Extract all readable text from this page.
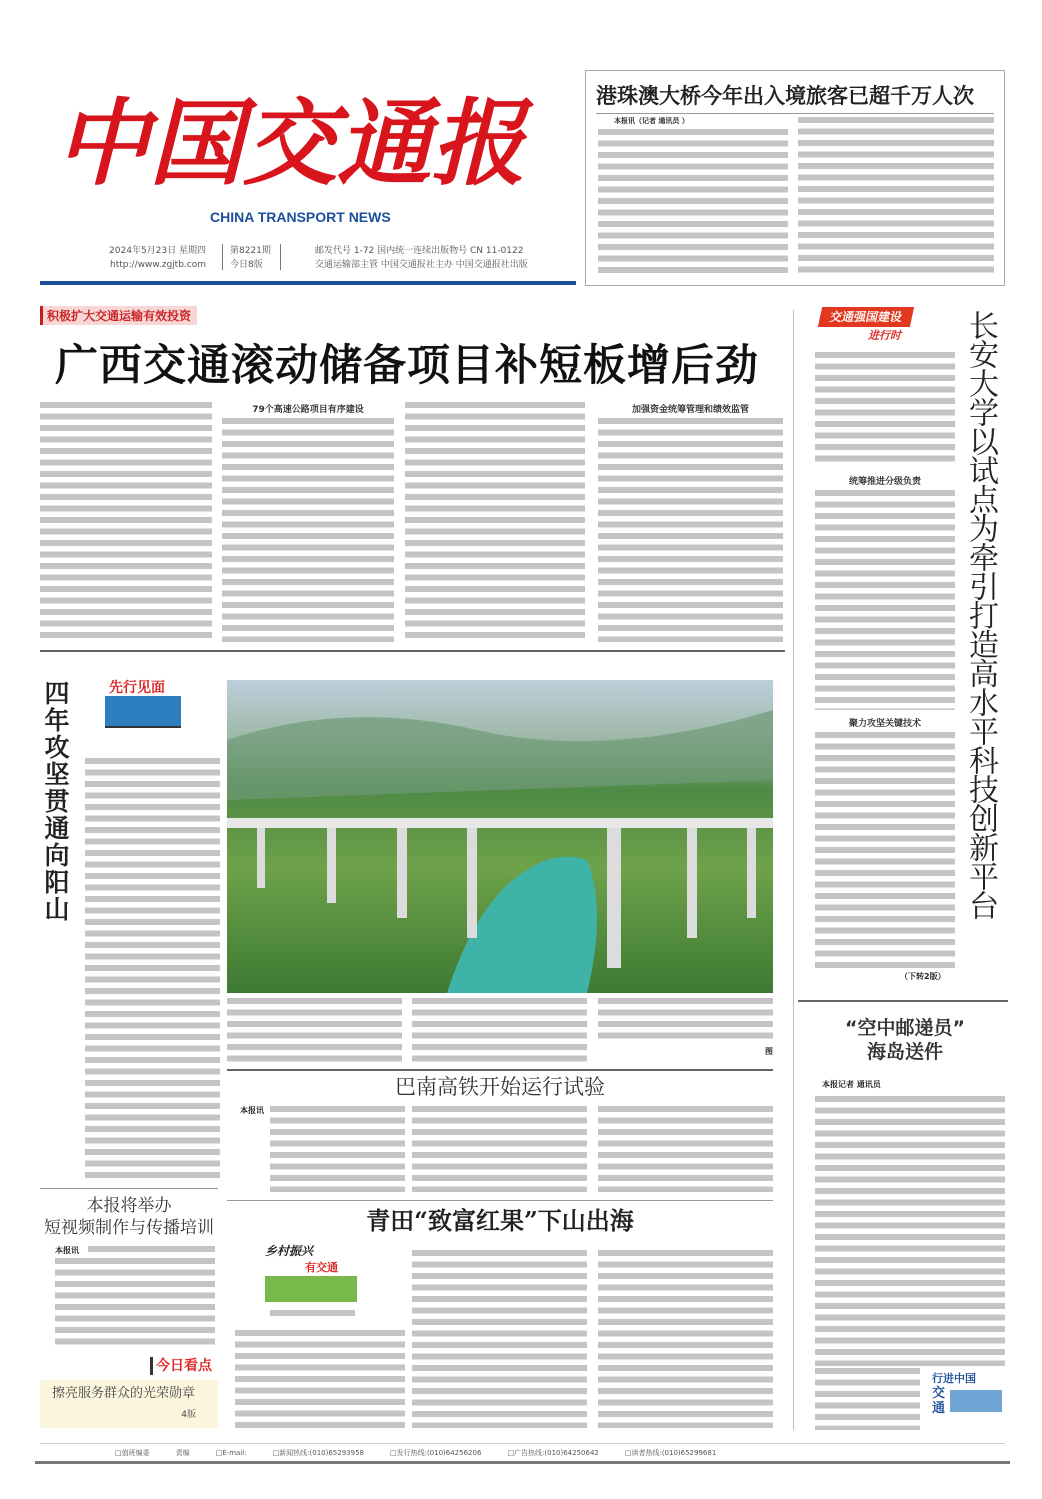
中国交通报
CHINA TRANSPORT NEWS
2024年5月23日 星期四
http://www.zgjtb.com
第8221期
今日8版
邮发代号 1-72 国内统一连续出版物号 CN 11-0122
交通运输部主管 中国交通报社主办 中国交通报社出版
港珠澳大桥今年出入境旅客已超千万人次
本报讯（记者 通讯员 ）
积极扩大交通运输有效投资
广西交通滚动储备项目补短板增后劲
79个高速公路项目有序建设	加强资金统筹管理和绩效监管
四年攻坚贯通向阳山	先行见面
图
巴南高铁开始运行试验
本报讯
本报将举办
短视频制作与传播培训
本报讯
今日看点
擦亮服务群众的光荣勋章
4版
青田“致富红果”下山出海
乡村振兴
有交通
交通强国建设
进行时
统筹推进分级负责
聚力攻坚关键技术
（下转2版）
长安大学以试点为牵引打造高水平科技创新平台
“空中邮递员”
海岛送件
本报记者 通讯员
行进中国
交通
□值班编委	责编	□E-mail:	□新闻热线:(010)65293958	□发行热线:(010)64256206	□广告热线:(010)64250642	□读者热线:(010)65299681
